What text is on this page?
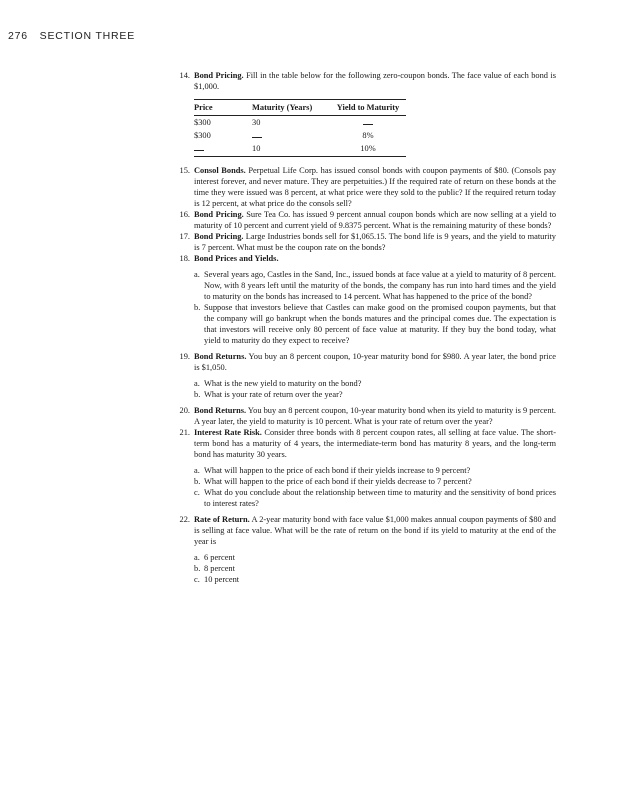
276 SECTION THREE
14. Bond Pricing. Fill in the table below for the following zero-coupon bonds. The face value of each bond is $1,000.
Price	Maturity (Years)	Yield to Maturity
$300	30	
$300		8%
	10	10%
15. Consol Bonds. Perpetual Life Corp. has issued consol bonds with coupon payments of $80. (Consols pay interest forever, and never mature. They are perpetuities.) If the required rate of return on these bonds at the time they were issued was 8 percent, at what price were they sold to the public? If the required return today is 12 percent, at what price do the consols sell?
16. Bond Pricing. Sure Tea Co. has issued 9 percent annual coupon bonds which are now selling at a yield to maturity of 10 percent and current yield of 9.8375 percent. What is the remaining maturity of these bonds?
17. Bond Pricing. Large Industries bonds sell for $1,065.15. The bond life is 9 years, and the yield to maturity is 7 percent. What must be the coupon rate on the bonds?
18. Bond Prices and Yields.
a. Several years ago, Castles in the Sand, Inc., issued bonds at face value at a yield to maturity of 8 percent. Now, with 8 years left until the maturity of the bonds, the company has run into hard times and the yield to maturity on the bonds has increased to 14 percent. What has happened to the price of the bond?
b. Suppose that investors believe that Castles can make good on the promised coupon payments, but that the company will go bankrupt when the bonds matures and the principal comes due. The expectation is that investors will receive only 80 percent of face value at maturity. If they buy the bond today, what yield to maturity do they expect to receive?
19. Bond Returns. You buy an 8 percent coupon, 10-year maturity bond for $980. A year later, the bond price is $1,050.
a. What is the new yield to maturity on the bond?
b. What is your rate of return over the year?
20. Bond Returns. You buy an 8 percent coupon, 10-year maturity bond when its yield to maturity is 9 percent. A year later, the yield to maturity is 10 percent. What is your rate of return over the year?
21. Interest Rate Risk. Consider three bonds with 8 percent coupon rates, all selling at face value. The short-term bond has a maturity of 4 years, the intermediate-term bond has maturity 8 years, and the long-term bond has maturity 30 years.
a. What will happen to the price of each bond if their yields increase to 9 percent?
b. What will happen to the price of each bond if their yields decrease to 7 percent?
c. What do you conclude about the relationship between time to maturity and the sensitivity of bond prices to interest rates?
22. Rate of Return. A 2-year maturity bond with face value $1,000 makes annual coupon payments of $80 and is selling at face value. What will be the rate of return on the bond if its yield to maturity at the end of the year is
a. 6 percent
b. 8 percent
c. 10 percent
